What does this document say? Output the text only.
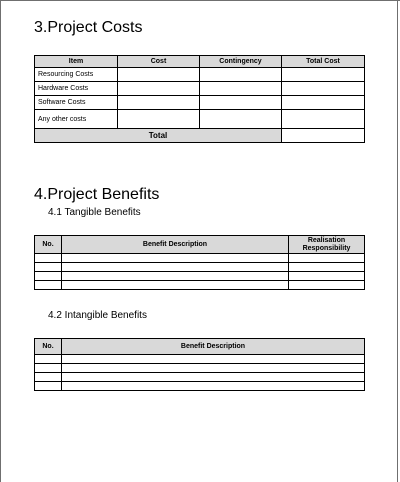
3.Project Costs
Item	Cost	Contingency	Total Cost
Resourcing Costs			
Hardware Costs			
Software Costs			
Any other costs			
Total			
4.Project Benefits
4.1 Tangible Benefits
No.	Benefit Description	Realisation Responsibility

4.2 Intangible Benefits
No.	Benefit Description
